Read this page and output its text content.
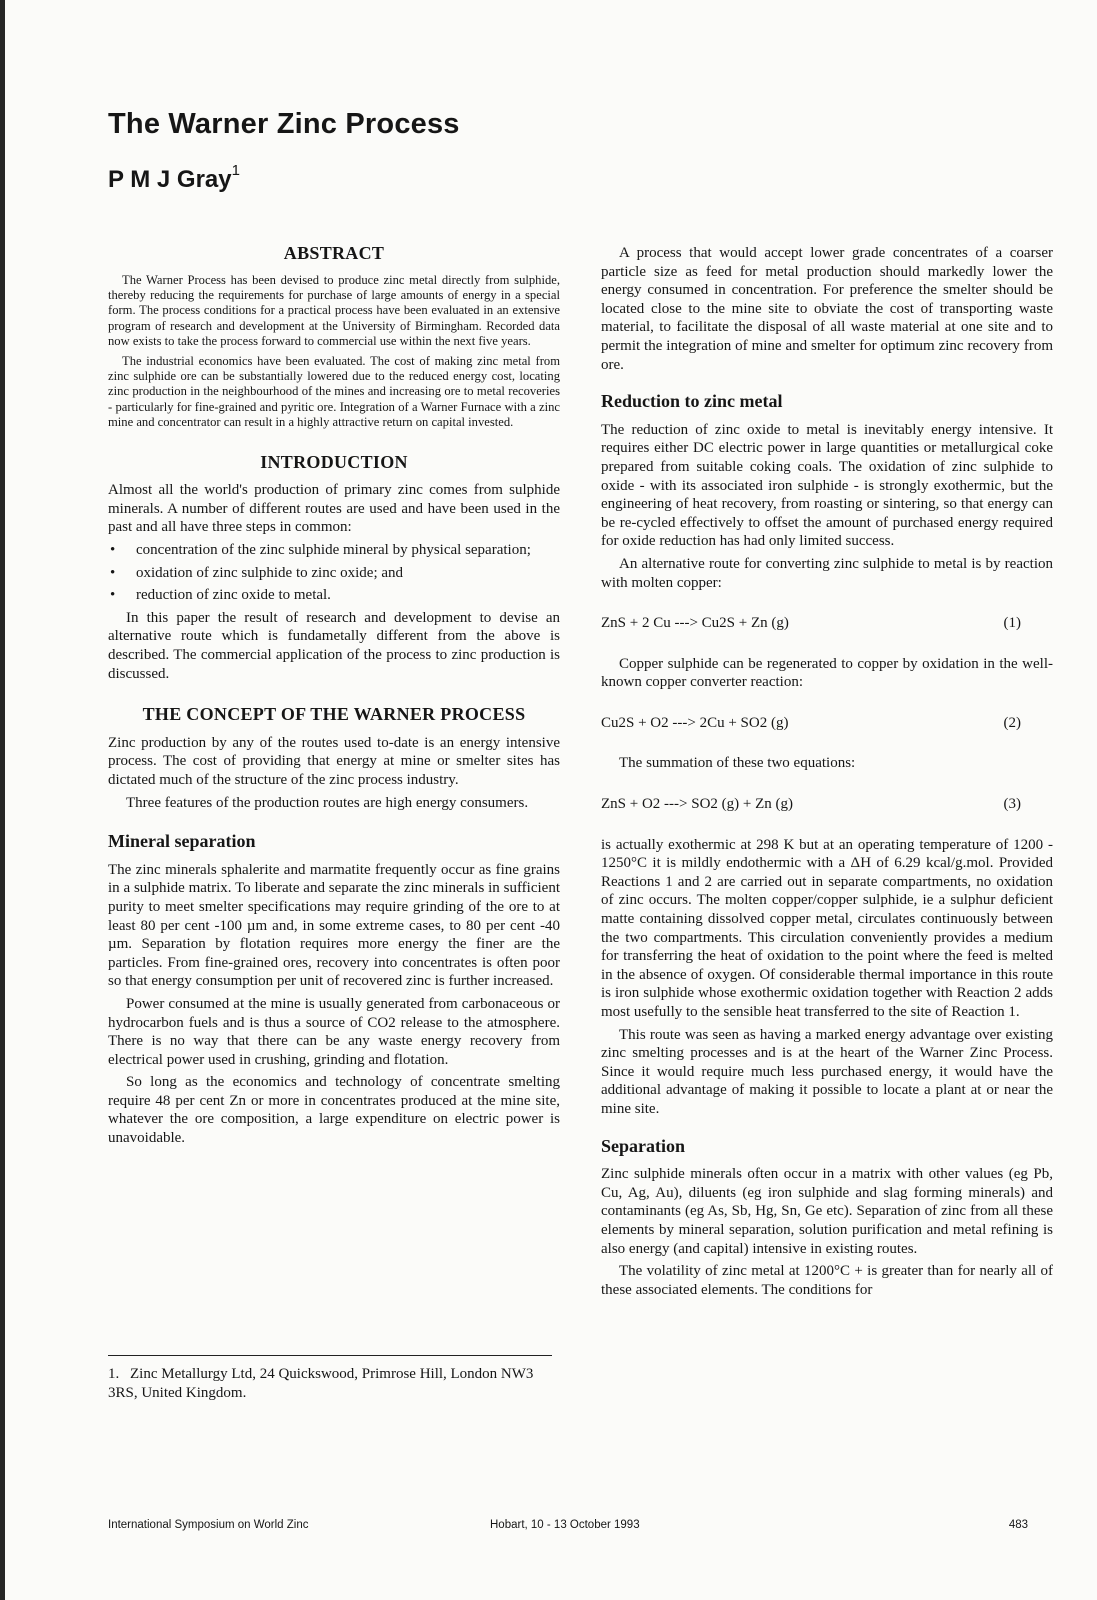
The Warner Zinc Process
P M J Gray$^1$
ABSTRACT

The Warner Process has been devised to produce zinc metal directly from sulphide, thereby reducing the requirements for purchase of large amounts of energy in a special form. The process conditions for a practical process have been evaluated in an extensive program of research and development at the University of Birmingham. Recorded data now exists to take the process forward to commercial use within the next five years.

The industrial economics have been evaluated. The cost of making zinc metal from zinc sulphide ore can be substantially lowered due to the reduced energy cost, locating zinc production in the neighbourhood of the mines and increasing ore to metal recoveries - particularly for fine-grained and pyritic ore. Integration of a Warner Furnace with a zinc mine and concentrator can result in a highly attractive return on capital invested.

INTRODUCTION

Almost all the world's production of primary zinc comes from sulphide minerals. A number of different routes are used and have been used in the past and all have three steps in common:

• concentration of the zinc sulphide mineral by physical separation;
• oxidation of zinc sulphide to zinc oxide; and
• reduction of zinc oxide to metal.

In this paper the result of research and development to devise an alternative route which is fundametally different from the above is described. The commercial application of the process to zinc production is discussed.

THE CONCEPT OF THE WARNER PROCESS

Zinc production by any of the routes used to-date is an energy intensive process. The cost of providing that energy at mine or smelter sites has dictated much of the structure of the zinc process industry.

Three features of the production routes are high energy consumers.

Mineral separation

The zinc minerals sphalerite and marmatite frequently occur as fine grains in a sulphide matrix. To liberate and separate the zinc minerals in sufficient purity to meet smelter specifications may require grinding of the ore to at least 80 per cent -100 µm and, in some extreme cases, to 80 per cent -40 µm. Separation by flotation requires more energy the finer are the particles. From fine-grained ores, recovery into concentrates is often poor so that energy consumption per unit of recovered zinc is further increased.

Power consumed at the mine is usually generated from carbonaceous or hydrocarbon fuels and is thus a source of CO2 release to the atmosphere. There is no way that there can be any waste energy recovery from electrical power used in crushing, grinding and flotation.

So long as the economics and technology of concentrate smelting require 48 per cent Zn or more in concentrates produced at the mine site, whatever the ore composition, a large expenditure on electric power is unavoidable.

1. Zinc Metallurgy Ltd, 24 Quickswood, Primrose Hill, London NW3 3RS, United Kingdom.

A process that would accept lower grade concentrates of a coarser particle size as feed for metal production should markedly lower the energy consumed in concentration. For preference the smelter should be located close to the mine site to obviate the cost of transporting waste material, to facilitate the disposal of all waste material at one site and to permit the integration of mine and smelter for optimum zinc recovery from ore.

Reduction to zinc metal

The reduction of zinc oxide to metal is inevitably energy intensive. It requires either DC electric power in large quantities or metallurgical coke prepared from suitable coking coals. The oxidation of zinc sulphide to oxide - with its associated iron sulphide - is strongly exothermic, but the engineering of heat recovery, from roasting or sintering, so that energy can be re-cycled effectively to offset the amount of purchased energy required for oxide reduction has had only limited success.

An alternative route for converting zinc sulphide to metal is by reaction with molten copper:

ZnS + 2 Cu ---> Cu2S + Zn (g)	(1)

Copper sulphide can be regenerated to copper by oxidation in the well-known copper converter reaction:

Cu2S + O2 ---> 2Cu + SO2 (g)	(2)

The summation of these two equations:

ZnS + O2 ---> SO2 (g) + Zn (g)	(3)

is actually exothermic at 298 K but at an operating temperature of 1200 - 1250°C it is mildly endothermic with a ΔH of 6.29 kcal/g.mol. Provided Reactions 1 and 2 are carried out in separate compartments, no oxidation of zinc occurs. The molten copper/copper sulphide, ie a sulphur deficient matte containing dissolved copper metal, circulates continuously between the two compartments. This circulation conveniently provides a medium for transferring the heat of oxidation to the point where the feed is melted in the absence of oxygen. Of considerable thermal importance in this route is iron sulphide whose exothermic oxidation together with Reaction 2 adds most usefully to the sensible heat transferred to the site of Reaction 1.

This route was seen as having a marked energy advantage over existing zinc smelting processes and is at the heart of the Warner Zinc Process. Since it would require much less purchased energy, it would have the additional advantage of making it possible to locate a plant at or near the mine site.

Separation

Zinc sulphide minerals often occur in a matrix with other values (eg Pb, Cu, Ag, Au), diluents (eg iron sulphide and slag forming minerals) and contaminants (eg As, Sb, Hg, Sn, Ge etc). Separation of zinc from all these elements by mineral separation, solution purification and metal refining is also energy (and capital) intensive in existing routes.

The volatility of zinc metal at 1200°C + is greater than for nearly all of these associated elements. The conditions for

International Symposium on World Zinc	Hobart, 10 - 13 October 1993	483
